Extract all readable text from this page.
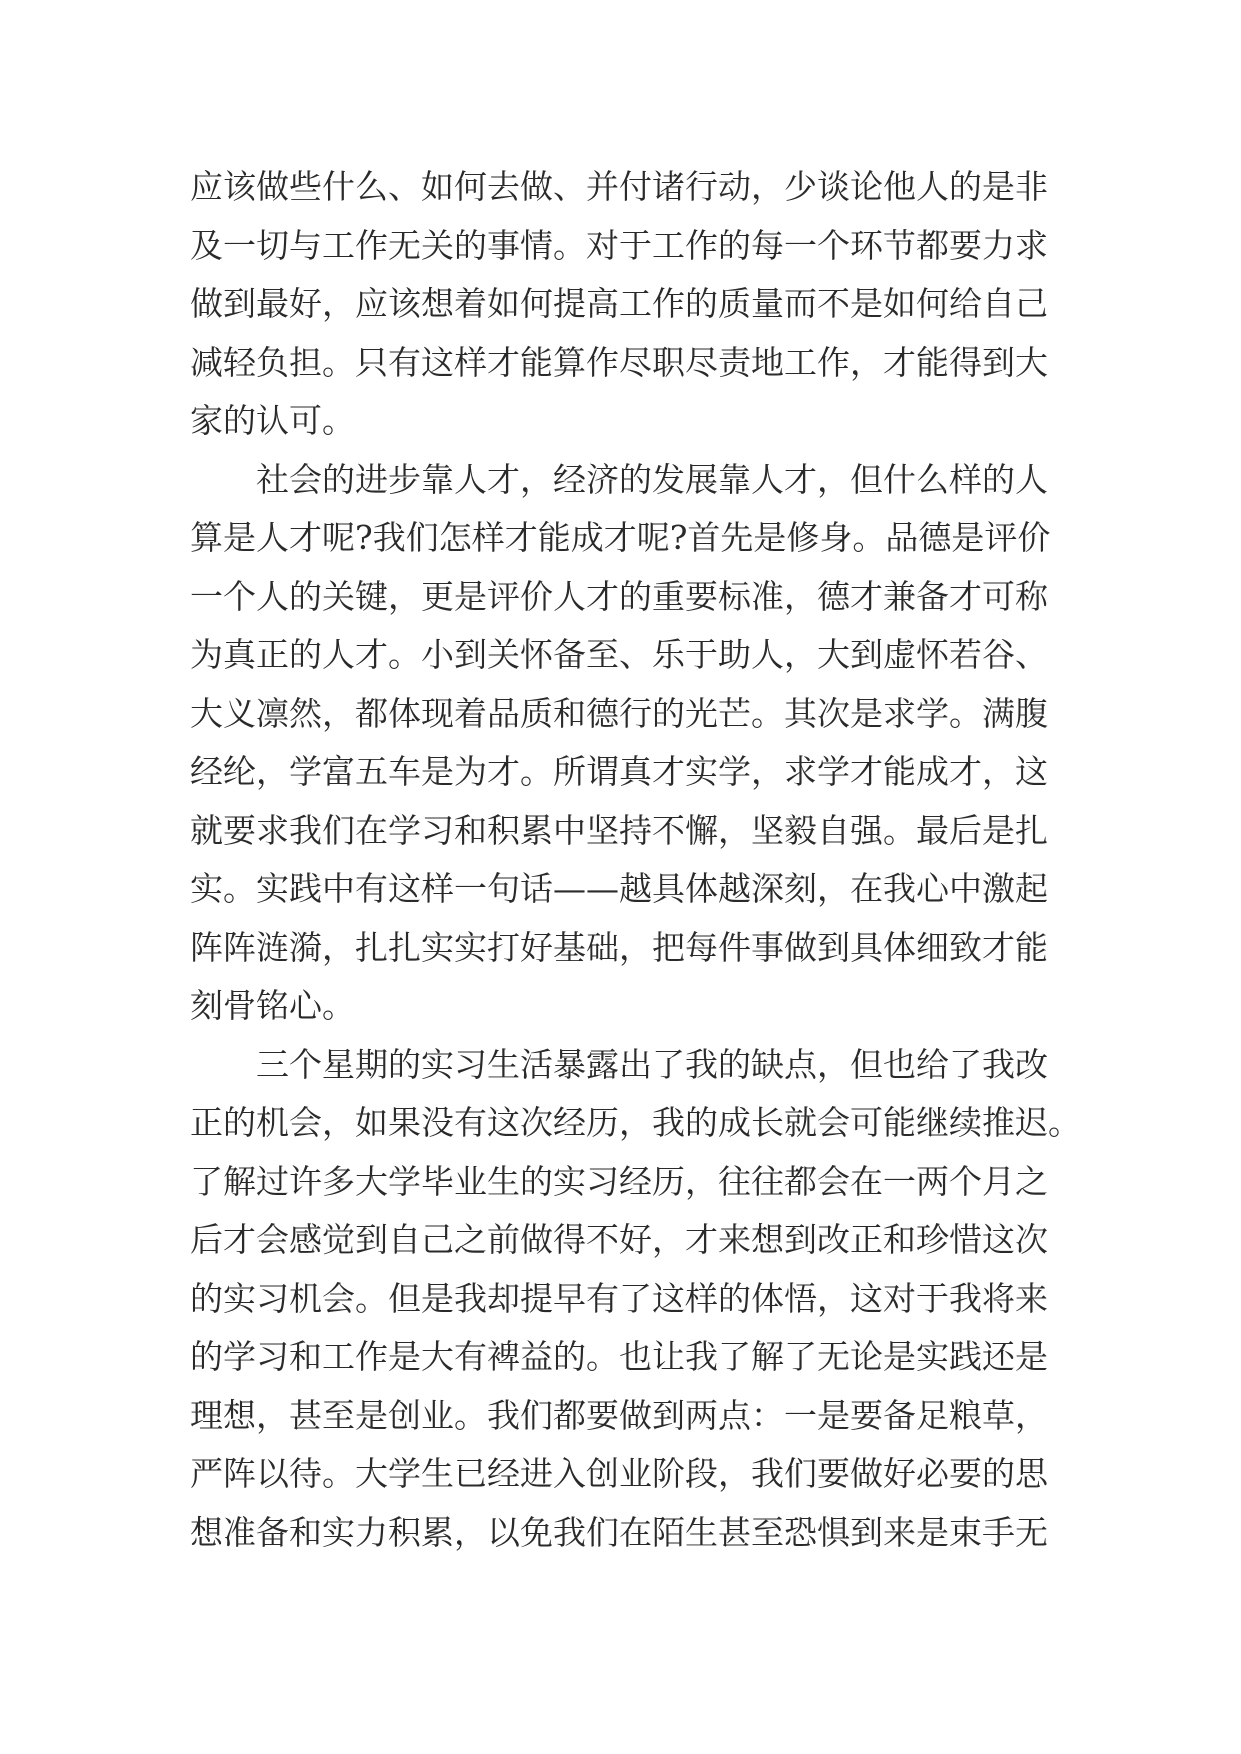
应该做些什么、如何去做、并付诸行动，少谈论他人的是非
及一切与工作无关的事情。对于工作的每一个环节都要力求
做到最好，应该想着如何提高工作的质量而不是如何给自己
减轻负担。只有这样才能算作尽职尽责地工作，才能得到大
家的认可。
　　社会的进步靠人才，经济的发展靠人才，但什么样的人
算是人才呢?我们怎样才能成才呢?首先是修身。品德是评价
一个人的关键，更是评价人才的重要标准，德才兼备才可称
为真正的人才。小到关怀备至、乐于助人，大到虚怀若谷、
大义凛然，都体现着品质和德行的光芒。其次是求学。满腹
经纶，学富五车是为才。所谓真才实学，求学才能成才，这
就要求我们在学习和积累中坚持不懈，坚毅自强。最后是扎
实。实践中有这样一句话——越具体越深刻，在我心中激起
阵阵涟漪，扎扎实实打好基础，把每件事做到具体细致才能
刻骨铭心。
　　三个星期的实习生活暴露出了我的缺点，但也给了我改
正的机会，如果没有这次经历，我的成长就会可能继续推迟。
了解过许多大学毕业生的实习经历，往往都会在一两个月之
后才会感觉到自己之前做得不好，才来想到改正和珍惜这次
的实习机会。但是我却提早有了这样的体悟，这对于我将来
的学习和工作是大有裨益的。也让我了解了无论是实践还是
理想，甚至是创业。我们都要做到两点：一是要备足粮草，
严阵以待。大学生已经进入创业阶段，我们要做好必要的思
想准备和实力积累，以免我们在陌生甚至恐惧到来是束手无
